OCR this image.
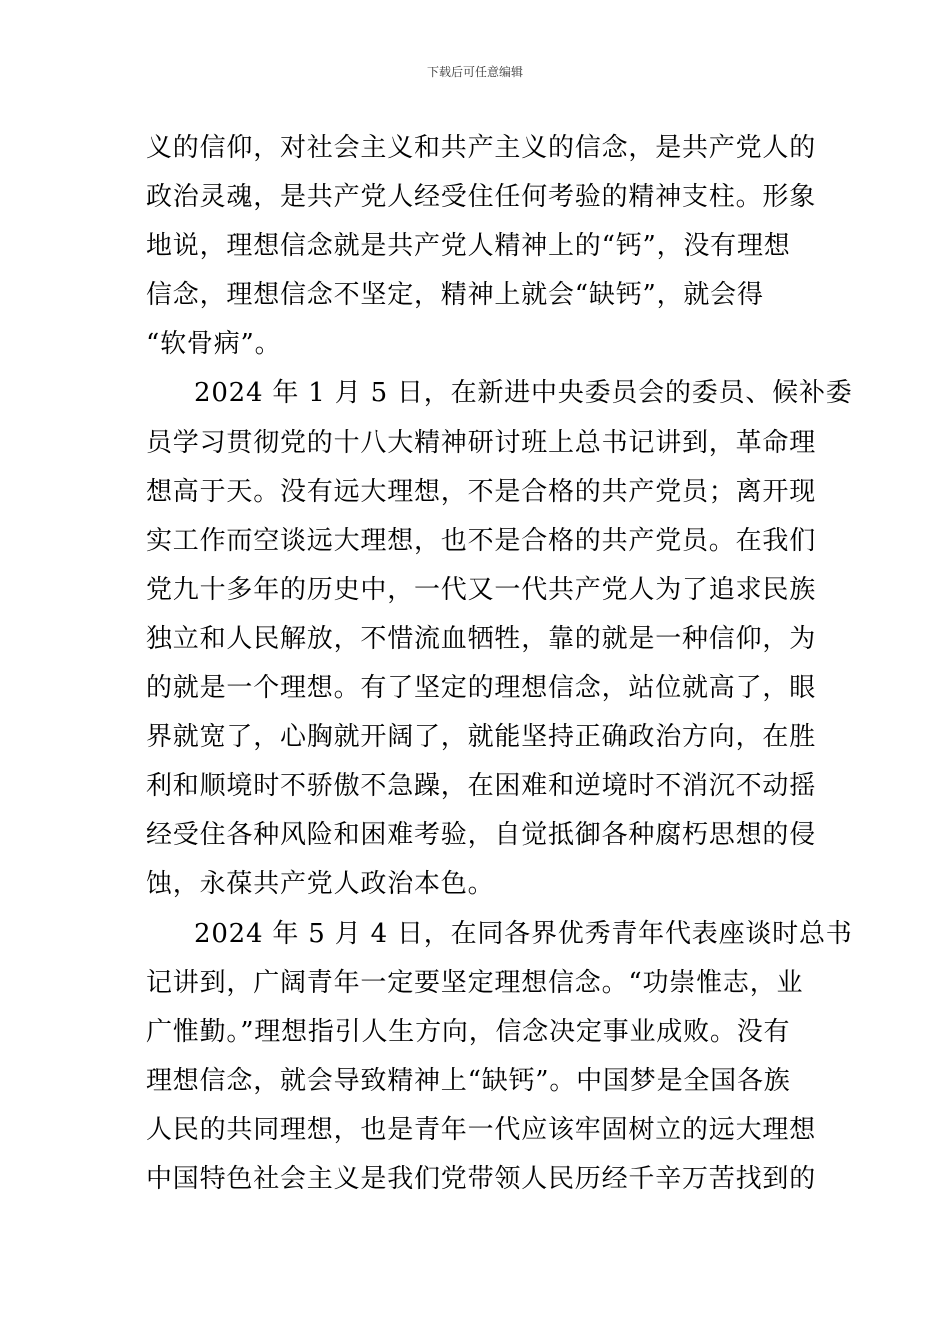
下载后可任意编辑
义的信仰，对社会主义和共产主义的信念，是共产党人的
政治灵魂，是共产党人经受住任何考验的精神支柱。形象
地说，理想信念就是共产党人精神上的“钙”，没有理想
信念，理想信念不坚定，精神上就会“缺钙”，就会得
“软骨病”。
2024 年 1 月 5 日，在新进中央委员会的委员、候补委
员学习贯彻党的十八大精神研讨班上总书记讲到，革命理
想高于天。没有远大理想，不是合格的共产党员；离开现
实工作而空谈远大理想，也不是合格的共产党员。在我们
党九十多年的历史中，一代又一代共产党人为了追求民族
独立和人民解放，不惜流血牺牲，靠的就是一种信仰，为
的就是一个理想。有了坚定的理想信念，站位就高了，眼
界就宽了，心胸就开阔了，就能坚持正确政治方向，在胜
利和顺境时不骄傲不急躁，在困难和逆境时不消沉不动摇
经受住各种风险和困难考验，自觉抵御各种腐朽思想的侵
蚀，永葆共产党人政治本色。
2024 年 5 月 4 日，在同各界优秀青年代表座谈时总书
记讲到，广阔青年一定要坚定理想信念。“功崇惟志，业
广惟勤。”理想指引人生方向，信念决定事业成败。没有
理想信念，就会导致精神上“缺钙”。中国梦是全国各族
人民的共同理想，也是青年一代应该牢固树立的远大理想
中国特色社会主义是我们党带领人民历经千辛万苦找到的
